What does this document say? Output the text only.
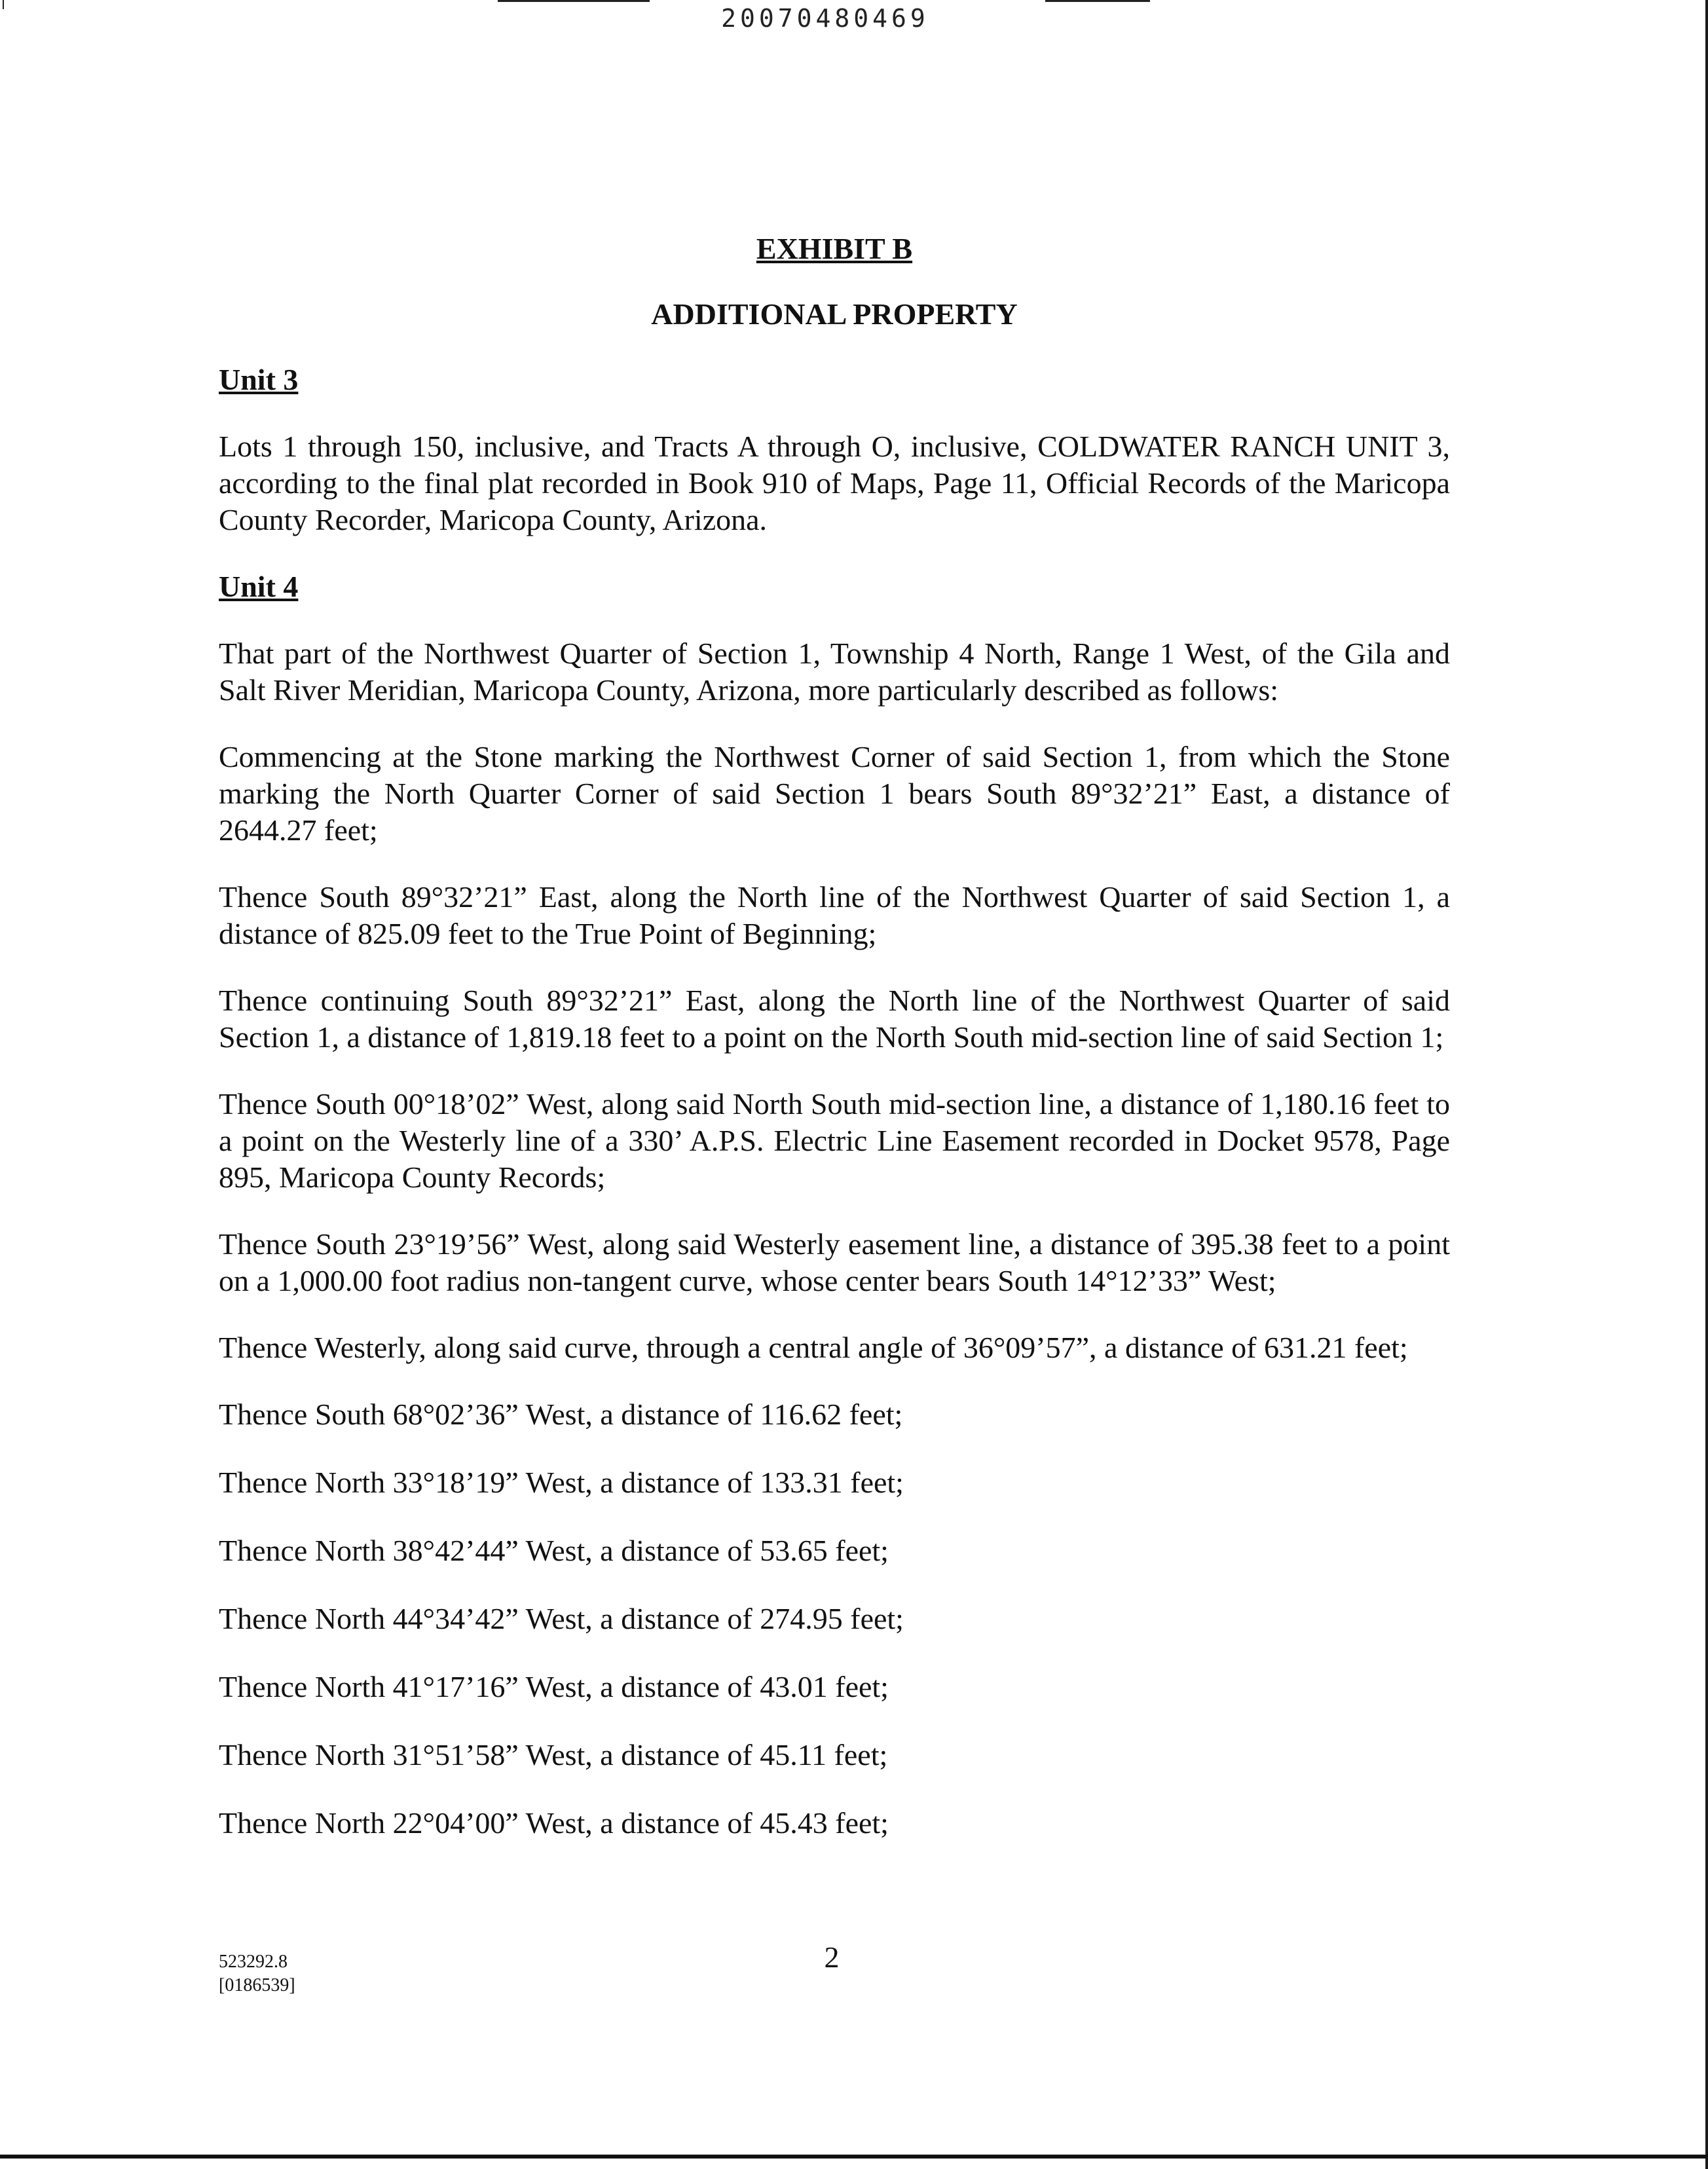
20070480469
EXHIBIT B
ADDITIONAL PROPERTY
Unit 3
Lots 1 through 150, inclusive, and Tracts A through O, inclusive, COLDWATER RANCH UNIT 3, according to the final plat recorded in Book 910 of Maps, Page 11, Official Records of the Maricopa County Recorder, Maricopa County, Arizona.
Unit 4
That part of the Northwest Quarter of Section 1, Township 4 North, Range 1 West, of the Gila and Salt River Meridian, Maricopa County, Arizona, more particularly described as follows:
Commencing at the Stone marking the Northwest Corner of said Section 1, from which the Stone marking the North Quarter Corner of said Section 1 bears South 89°32’21” East, a distance of 2644.27 feet;
Thence South 89°32’21” East, along the North line of the Northwest Quarter of said Section 1, a distance of 825.09 feet to the True Point of Beginning;
Thence continuing South 89°32’21” East, along the North line of the Northwest Quarter of said Section 1, a distance of 1,819.18 feet to a point on the North South mid-section line of said Section 1;
Thence South 00°18’02” West, along said North South mid-section line, a distance of 1,180.16 feet to a point on the Westerly line of a 330’ A.P.S. Electric Line Easement recorded in Docket 9578, Page 895, Maricopa County Records;
Thence South 23°19’56” West, along said Westerly easement line, a distance of 395.38 feet to a point on a 1,000.00 foot radius non-tangent curve, whose center bears South 14°12’33” West;
Thence Westerly, along said curve, through a central angle of 36°09’57”, a distance of 631.21 feet;
Thence South 68°02’36” West, a distance of 116.62 feet;
Thence North 33°18’19” West, a distance of 133.31 feet;
Thence North 38°42’44” West, a distance of 53.65 feet;
Thence North 44°34’42” West, a distance of 274.95 feet;
Thence North 41°17’16” West, a distance of 43.01 feet;
Thence North 31°51’58” West, a distance of 45.11 feet;
Thence North 22°04’00” West, a distance of 45.43 feet;
523292.8
[0186539]
2
